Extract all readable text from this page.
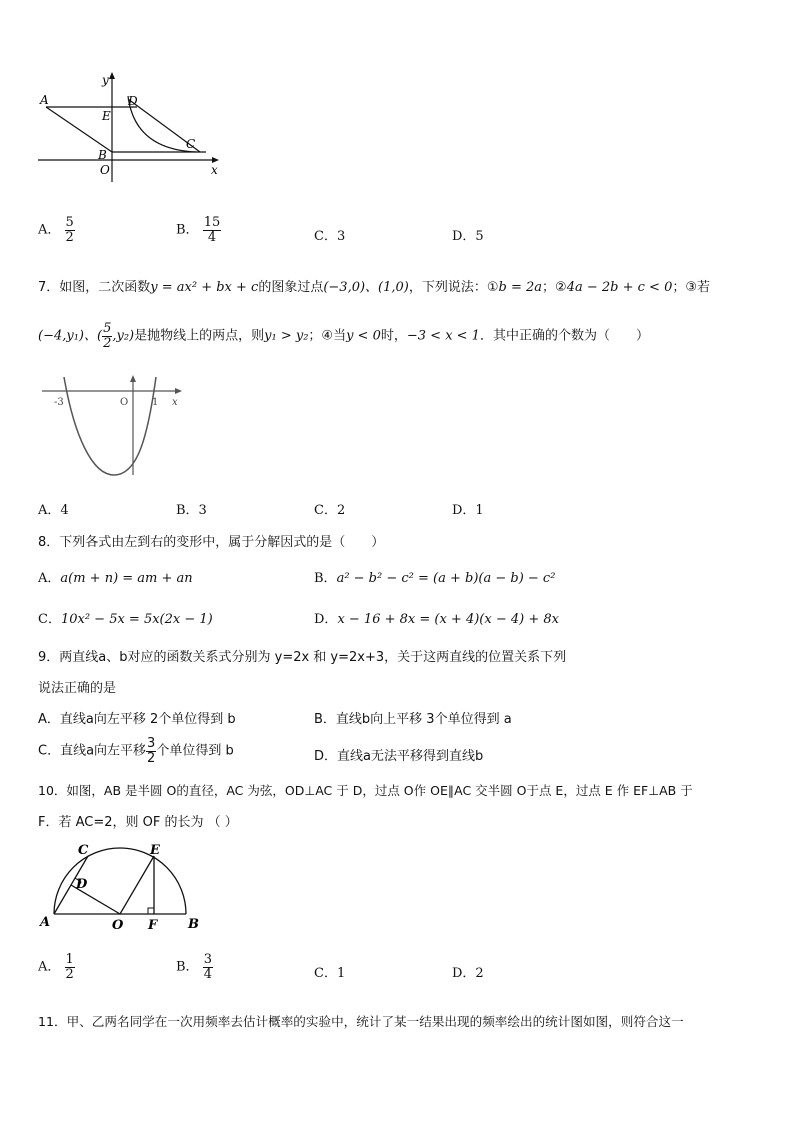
A	D
E
C
B
O	x
y
A． $\frac{5}{2}$	B． $\frac{15}{4}$	C．3	D．5
7．如图，二次函数y = ax² + bx + c的图象过点(−3,0)、(1,0)，下列说法：①b = 2a；②4a − 2b + c < 0；③若
(−4,y₁)、( $\frac{5}{2} ,y_2$)是抛物线上的两点，则y₁ > y₂；④当y < 0时，−3 < x < 1．其中正确的个数为（　　）
-3	O 1 x
A．4	B．3	C．2	D．1
8．下列各式由左到右的变形中，属于分解因式的是（　　）
A．a(m + n) = am + an	B．a² − b² − c² = (a + b)(a − b) − c²
C．10x² − 5x = 5x(2x − 1)	D．x − 16 + 8x = (x + 4)(x − 4) + 8x
9．两直线a、b对应的函数关系式分别为 y=2x 和 y=2x+3，关于这两直线的位置关系下列
说法正确的是
A．直线a向左平移 2个单位得到 b	B．直线b向上平移 3个单位得到 a
C．直线a向左平移 $\frac{3}{2}$ 个单位得到 b	D．直线a无法平移得到直线b
10．如图，AB 是半圆 O的直径，AC 为弦，OD⊥AC 于 D，过点 O作 OE∥AC 交半圆 O于点 E，过点 E 作 EF⊥AB 于
F．若 AC=2，则 OF 的长为 （ ）
C
D
E
A	O F B
A． $\frac{1}{2}$	B． $\frac{3}{4}$	C．1	D．2
11．甲、乙两名同学在一次用频率去估计概率的实验中，统计了某一结果出现的频率绘出的统计图如图，则符合这一
